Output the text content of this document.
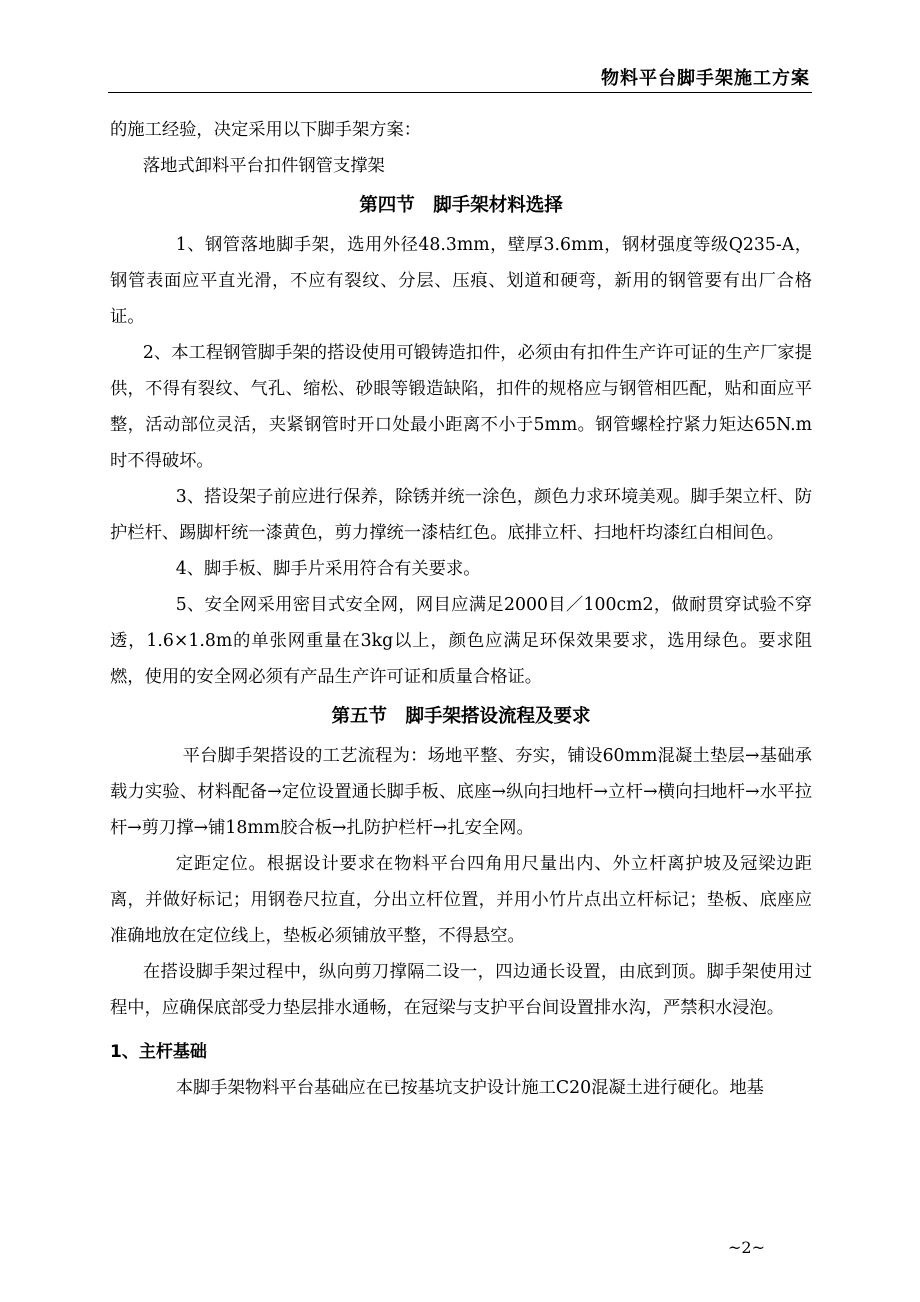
物料平台脚手架施工方案

的施工经验，决定采用以下脚手架方案：

落地式卸料平台扣件钢管支撑架

第四节　脚手架材料选择

1、钢管落地脚手架，选用外径48.3mm，壁厚3.6mm，钢材强度等级Q235-A，钢管表面应平直光滑，不应有裂纹、分层、压痕、划道和硬弯，新用的钢管要有出厂合格证。

2、本工程钢管脚手架的搭设使用可锻铸造扣件，必须由有扣件生产许可证的生产厂家提供，不得有裂纹、气孔、缩松、砂眼等锻造缺陷，扣件的规格应与钢管相匹配，贴和面应平整，活动部位灵活，夹紧钢管时开口处最小距离不小于5mm。钢管螺栓拧紧力矩达65N.m时不得破坏。

3、搭设架子前应进行保养，除锈并统一涂色，颜色力求环境美观。脚手架立杆、防护栏杆、踢脚杆统一漆黄色，剪力撑统一漆桔红色。底排立杆、扫地杆均漆红白相间色。

4、脚手板、脚手片采用符合有关要求。

5、安全网采用密目式安全网，网目应满足2000目／100cm2，做耐贯穿试验不穿透，1.6×1.8m的单张网重量在3kg以上，颜色应满足环保效果要求，选用绿色。要求阻燃，使用的安全网必须有产品生产许可证和质量合格证。

第五节　脚手架搭设流程及要求

平台脚手架搭设的工艺流程为：场地平整、夯实，铺设60mm混凝土垫层→基础承载力实验、材料配备→定位设置通长脚手板、底座→纵向扫地杆→立杆→横向扫地杆→水平拉杆→剪刀撑→铺18mm胶合板→扎防护栏杆→扎安全网。

定距定位。根据设计要求在物料平台四角用尺量出内、外立杆离护坡及冠梁边距离，并做好标记；用钢卷尺拉直，分出立杆位置，并用小竹片点出立杆标记；垫板、底座应准确地放在定位线上，垫板必须铺放平整，不得悬空。

在搭设脚手架过程中，纵向剪刀撑隔二设一，四边通长设置，由底到顶。脚手架使用过程中，应确保底部受力垫层排水通畅，在冠梁与支护平台间设置排水沟，严禁积水浸泡。

1、主杆基础

本脚手架物料平台基础应在已按基坑支护设计施工C20混凝土进行硬化。地基

~2~
